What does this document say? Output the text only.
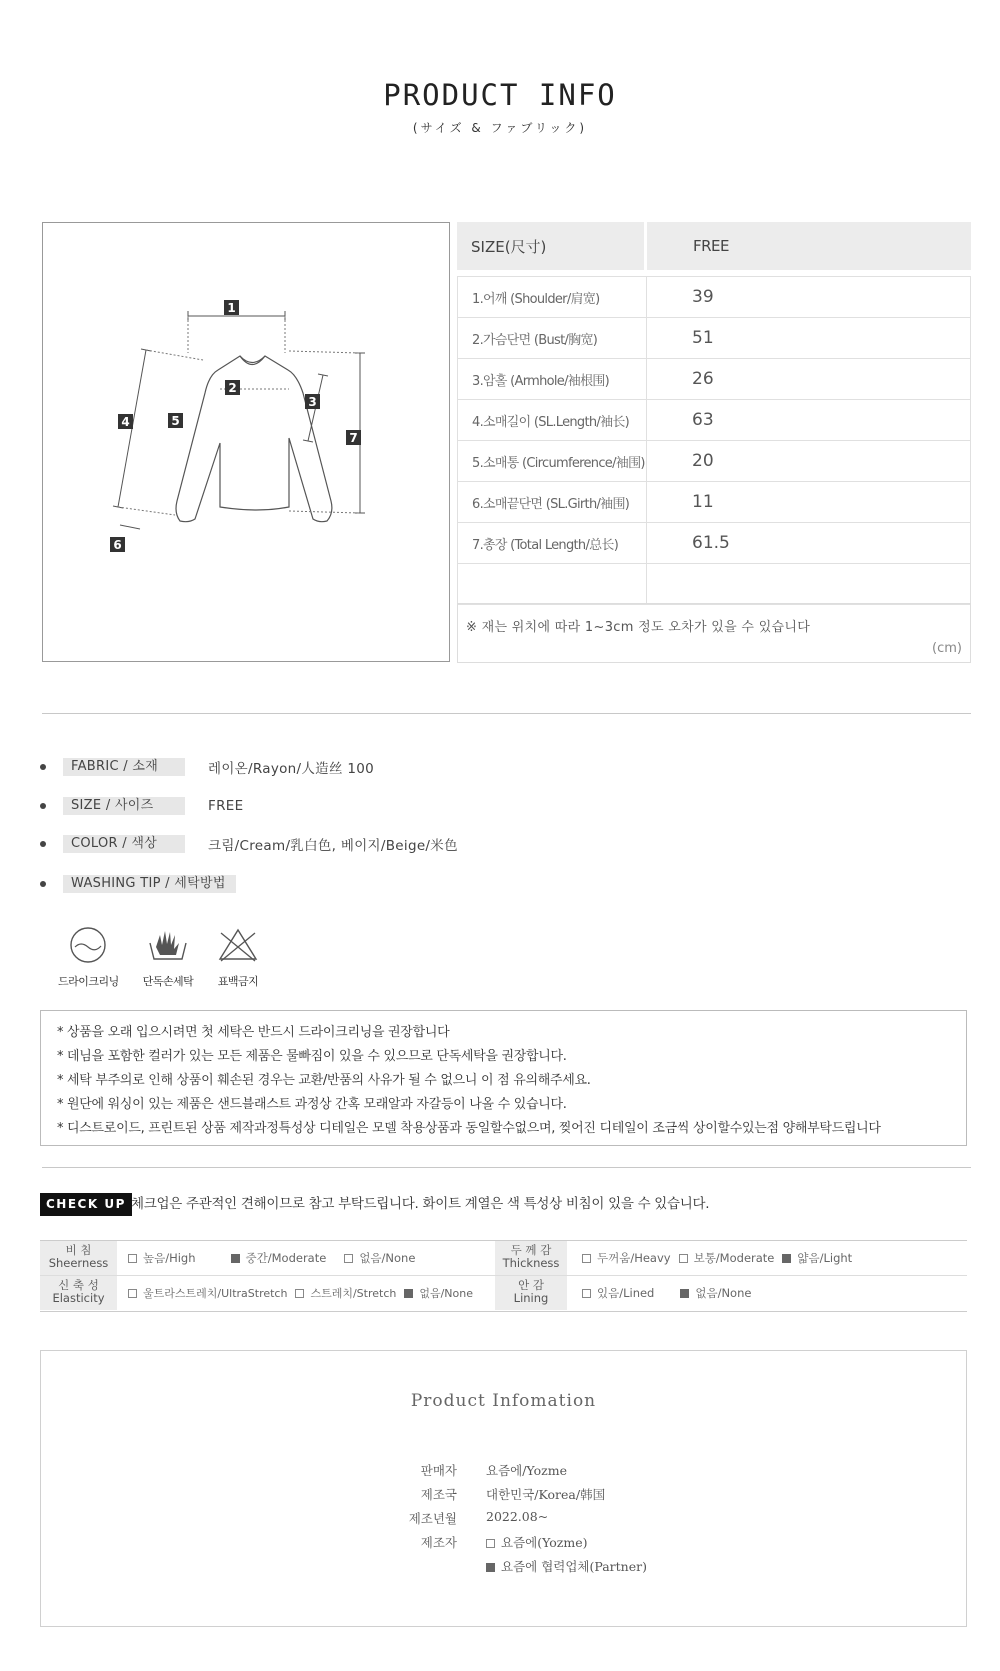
PRODUCT INFO
(サイズ & ファブリック)
1
2
3
4	5
6
7
SIZE(尺寸)	FREE
1.어깨 (Shoulder/肩宽)	39
2.가슴단면 (Bust/胸宽)	51
3.암홀 (Armhole/袖根围)	26
4.소매길이 (SL.Length/袖长)	63
5.소매통 (Circumference/袖围)	20
6.소매끝단면 (SL.Girth/袖围)	11
7.총장 (Total Length/总长)	61.5
※ 재는 위치에 따라 1~3cm 정도 오차가 있을 수 있습니다
(cm)
FABRIC / 소재	레이온/Rayon/人造丝 100
SIZE / 사이즈	FREE
COLOR / 색상	크림/Cream/乳白色, 베이지/Beige/米色
WASHING TIP / 세탁방법
드라이크리닝	단독손세탁	표백금지
* 상품을 오래 입으시려면 첫 세탁은 반드시 드라이크리닝을 권장합니다
* 데님을 포함한 컬러가 있는 모든 제품은 물빠짐이 있을 수 있으므로 단독세탁을 권장합니다.
* 세탁 부주의로 인해 상품이 훼손된 경우는 교환/반품의 사유가 될 수 없으니 이 점 유의해주세요.
* 원단에 워싱이 있는 제품은 샌드블래스트 과정상 간혹 모래알과 자갈등이 나올 수 있습니다.
* 디스트로이드, 프린트된 상품 제작과정특성상 디테일은 모델 착용상품과 동일할수없으며, 찢어진 디테일이 조금씩 상이할수있는점 양해부탁드립니다
CHECK UP 체크업은 주관적인 견해이므로 참고 부탁드립니다. 화이트 계열은 색 특성상 비침이 있을 수 있습니다.
비 침
Sheerness	높음/High	중간/Moderate	없음/None
두 께 감
Thickness	두꺼움/Heavy 보통/Moderate 얇음/Light
신 축 성
Elasticity	울트라스트레치/UltraStretch 스트레치/Stretch 없음/None
안 감
Lining	있음/Lined	없음/None
Product Infomation
판매자 요즘에/Yozme
제조국 대한민국/Korea/韩国
제조년월 2022.08~
제조자	요즘에(Yozme)
요즘에 협력업체(Partner)
